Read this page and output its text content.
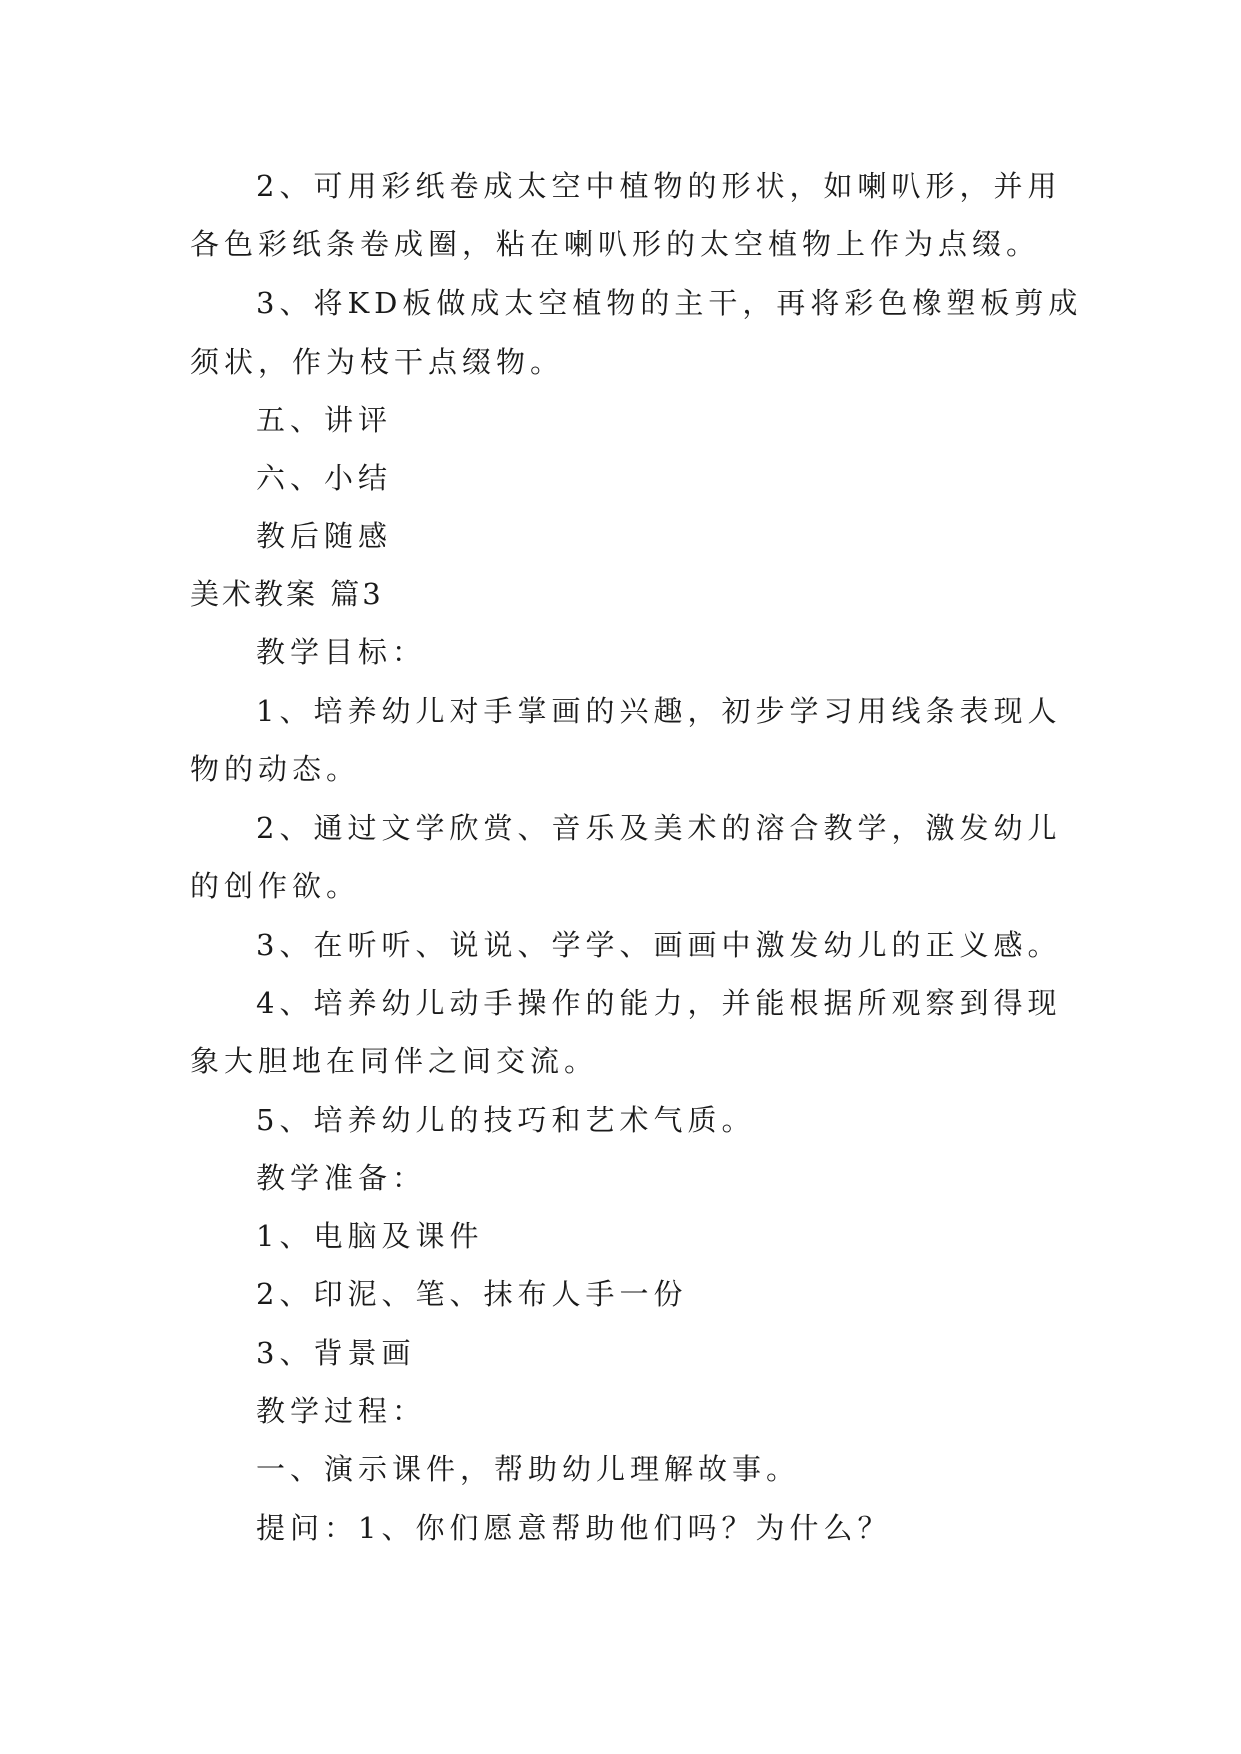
2、可用彩纸卷成太空中植物的形状，如喇叭形，并用
各色彩纸条卷成圈，粘在喇叭形的太空植物上作为点缀。
3、将KD板做成太空植物的主干，再将彩色橡塑板剪成
须状，作为枝干点缀物。
五、讲评
六、小结
教后随感
美术教案 篇3
教学目标：
1、培养幼儿对手掌画的兴趣，初步学习用线条表现人
物的动态。
2、通过文学欣赏、音乐及美术的溶合教学，激发幼儿
的创作欲。
3、在听听、说说、学学、画画中激发幼儿的正义感。
4、培养幼儿动手操作的能力，并能根据所观察到得现
象大胆地在同伴之间交流。
5、培养幼儿的技巧和艺术气质。
教学准备：
1、电脑及课件
2、印泥、笔、抹布人手一份
3、背景画
教学过程：
一、演示课件，帮助幼儿理解故事。
提问：1、你们愿意帮助他们吗？为什么？
